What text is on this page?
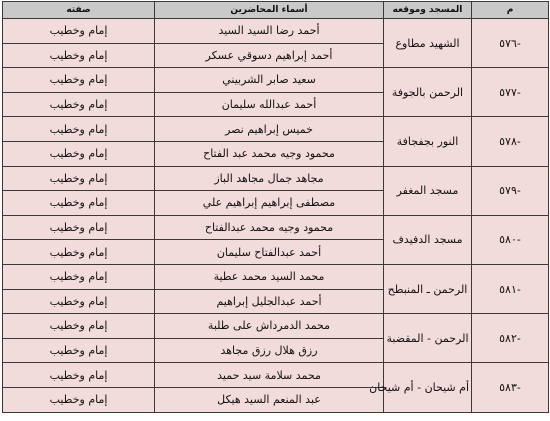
م	المسجد وموقعه	أسماء المحاضرين	صفته
-٥٧٦	الشهيد مطاوع	أحمد رضا السيد السيد	إمام وخطيب
		أحمد إبراهيم دسوقي عسكر	إمام وخطيب
-٥٧٧	الرحمن بالجوفة	سعيد صابر الشربيني	إمام وخطيب
		أحمد عبدالله سليمان	إمام وخطيب
-٥٧٨	النور بجفجافة	خميس إبراهيم نصر	إمام وخطيب
		محمود وجيه محمد عبد الفتاح	إمام وخطيب
-٥٧٩	مسجد المغفر	مجاهد جمال مجاهد الباز	إمام وخطيب
		مصطفى إبراهيم إبراهيم علي	إمام وخطيب
-٥٨٠	مسجد الدفيدف	محمود وجيه محمد عبدالفتاح	إمام وخطيب
		أحمد عبدالفتاح سليمان	إمام وخطيب
-٥٨١	الرحمن ـ المنبطح	محمد السيد محمد عطية	إمام وخطيب
		أحمد عبدالجليل إبراهيم	إمام وخطيب
-٥٨٢	الرحمن - المقضبة	محمد الدمرداش على طلبة	إمام وخطيب
		رزق هلال رزق مجاهد	إمام وخطيب
-٥٨٣	أم شيحان - أم شيحان	محمد سلامة سيد حميد	إمام وخطيب
		عبد المنعم السيد هيكل	إمام وخطيب
